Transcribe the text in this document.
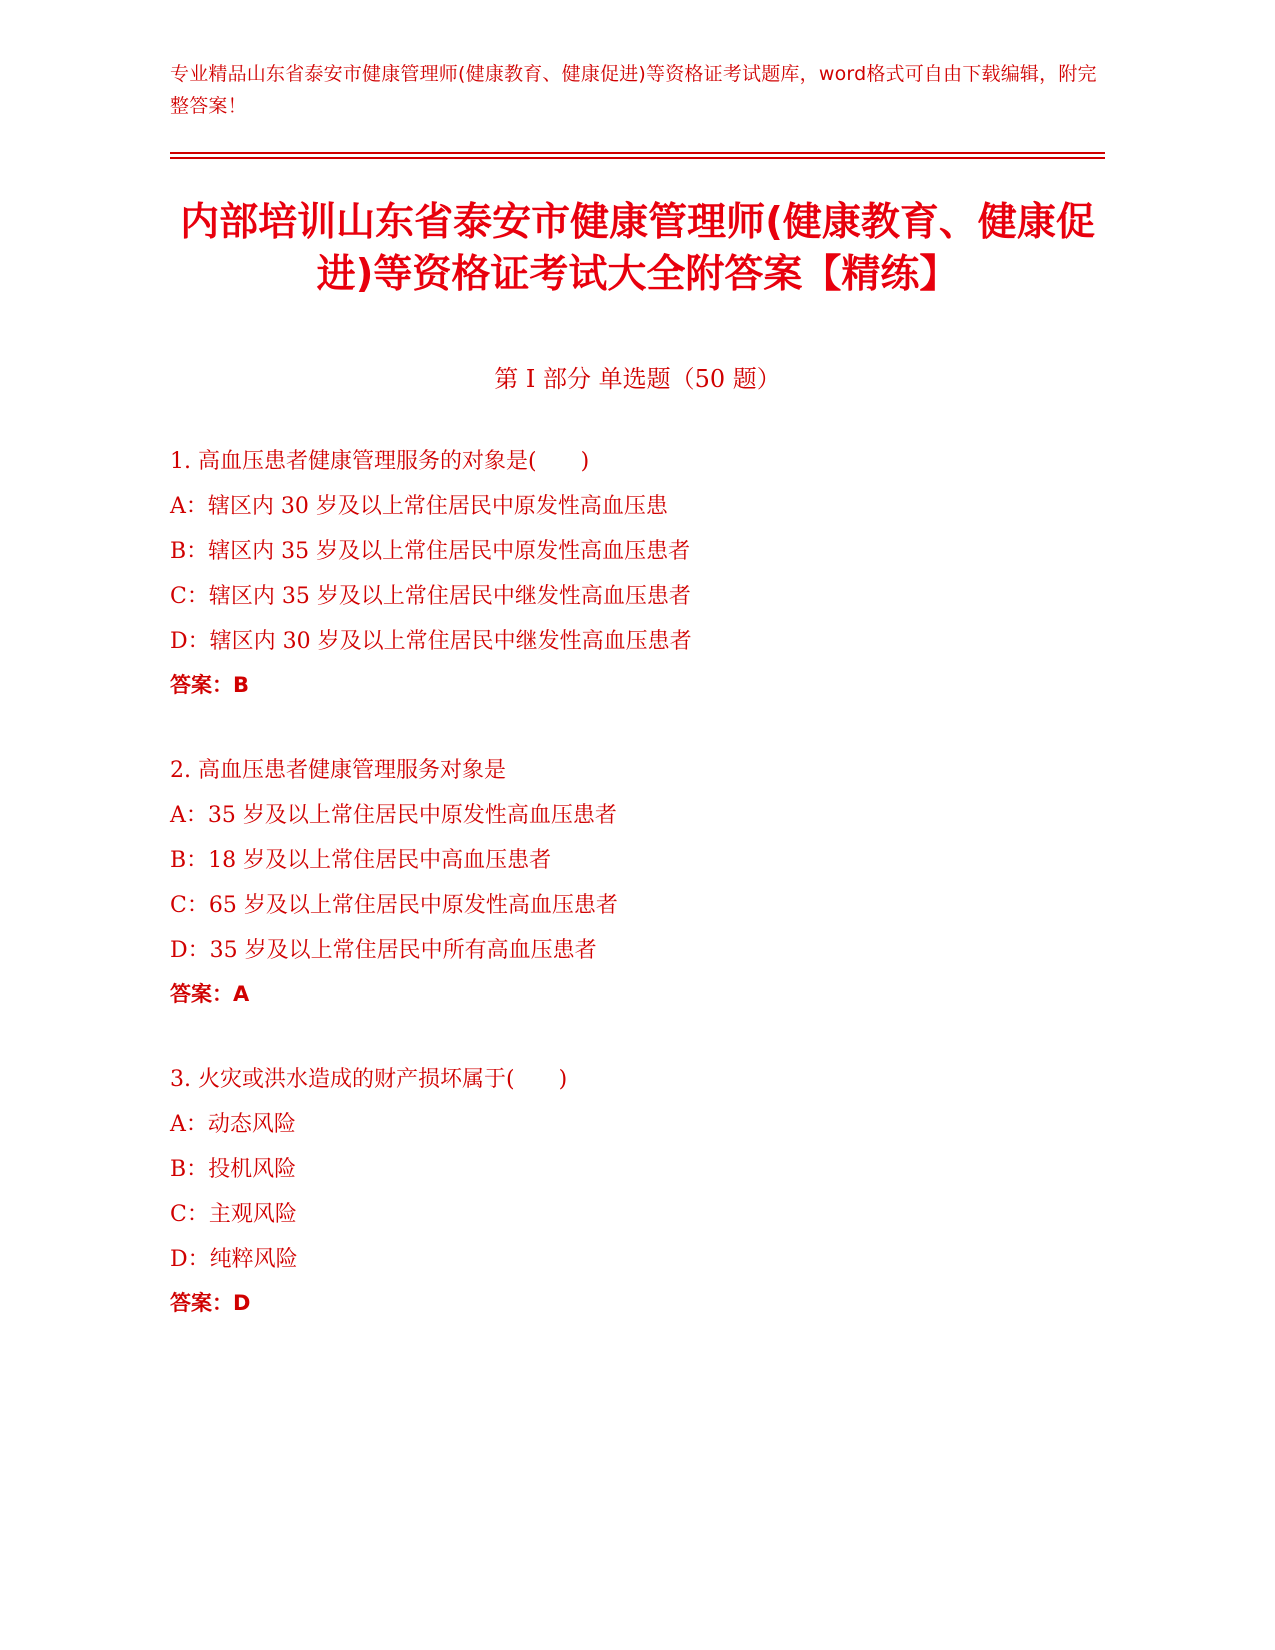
专业精品山东省泰安市健康管理师(健康教育、健康促进)等资格证考试题库，word格式可自由下载编辑，附完整答案！
内部培训山东省泰安市健康管理师(健康教育、健康促进)等资格证考试大全附答案【精练】
第 I 部分 单选题（50 题）
1. 高血压患者健康管理服务的对象是(　　)
A：辖区内 30 岁及以上常住居民中原发性高血压患
B：辖区内 35 岁及以上常住居民中原发性高血压患者
C：辖区内 35 岁及以上常住居民中继发性高血压患者
D：辖区内 30 岁及以上常住居民中继发性高血压患者
答案：B
2. 高血压患者健康管理服务对象是
A：35 岁及以上常住居民中原发性高血压患者
B：18 岁及以上常住居民中高血压患者
C：65 岁及以上常住居民中原发性高血压患者
D：35 岁及以上常住居民中所有高血压患者
答案：A
3. 火灾或洪水造成的财产损坏属于(　　)
A：动态风险
B：投机风险
C：主观风险
D：纯粹风险
答案：D
